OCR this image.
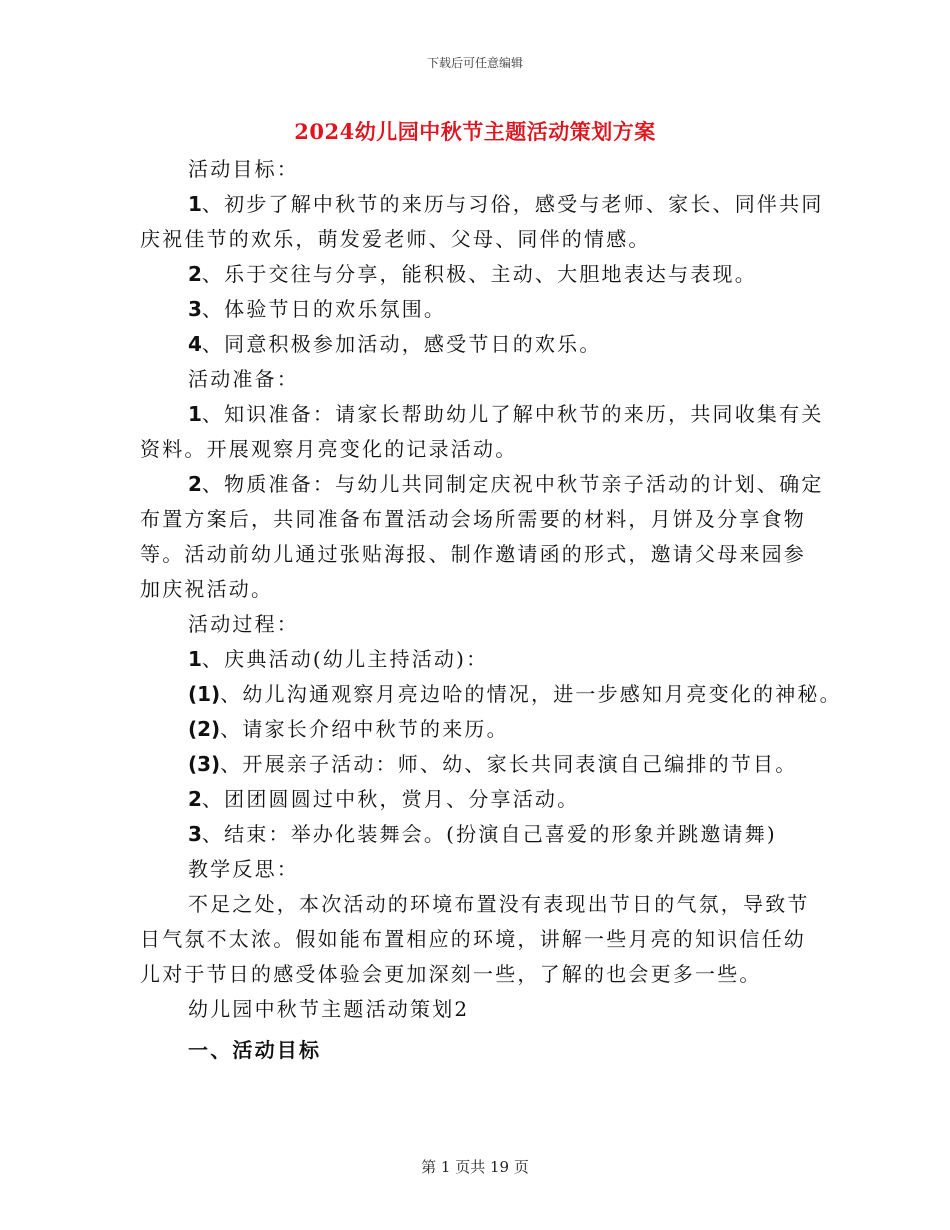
下载后可任意编辑
2024幼儿园中秋节主题活动策划方案

活动目标：

1、初步了解中秋节的来历与习俗，感受与老师、家长、同伴共同

庆祝佳节的欢乐，萌发爱老师、父母、同伴的情感。

2、乐于交往与分享，能积极、主动、大胆地表达与表现。

3、体验节日的欢乐氛围。

4、同意积极参加活动，感受节日的欢乐。

活动准备：

1、知识准备：请家长帮助幼儿了解中秋节的来历，共同收集有关

资料。开展观察月亮变化的记录活动。

2、物质准备：与幼儿共同制定庆祝中秋节亲子活动的计划、确定

布置方案后，共同准备布置活动会场所需要的材料，月饼及分享食物

等。活动前幼儿通过张贴海报、制作邀请函的形式，邀请父母来园参

加庆祝活动。

活动过程：

1、庆典活动(幼儿主持活动)：

(1)、幼儿沟通观察月亮边哈的情况，进一步感知月亮变化的神秘。

(2)、请家长介绍中秋节的来历。

(3)、开展亲子活动：师、幼、家长共同表演自己编排的节目。

2、团团圆圆过中秋，赏月、分享活动。

3、结束：举办化装舞会。(扮演自己喜爱的形象并跳邀请舞)

教学反思：

不足之处，本次活动的环境布置没有表现出节日的气氛，导致节

日气氛不太浓。假如能布置相应的环境，讲解一些月亮的知识信任幼

儿对于节日的感受体验会更加深刻一些，了解的也会更多一些。

幼儿园中秋节主题活动策划2

一、活动目标

第 1 页共 19 页
